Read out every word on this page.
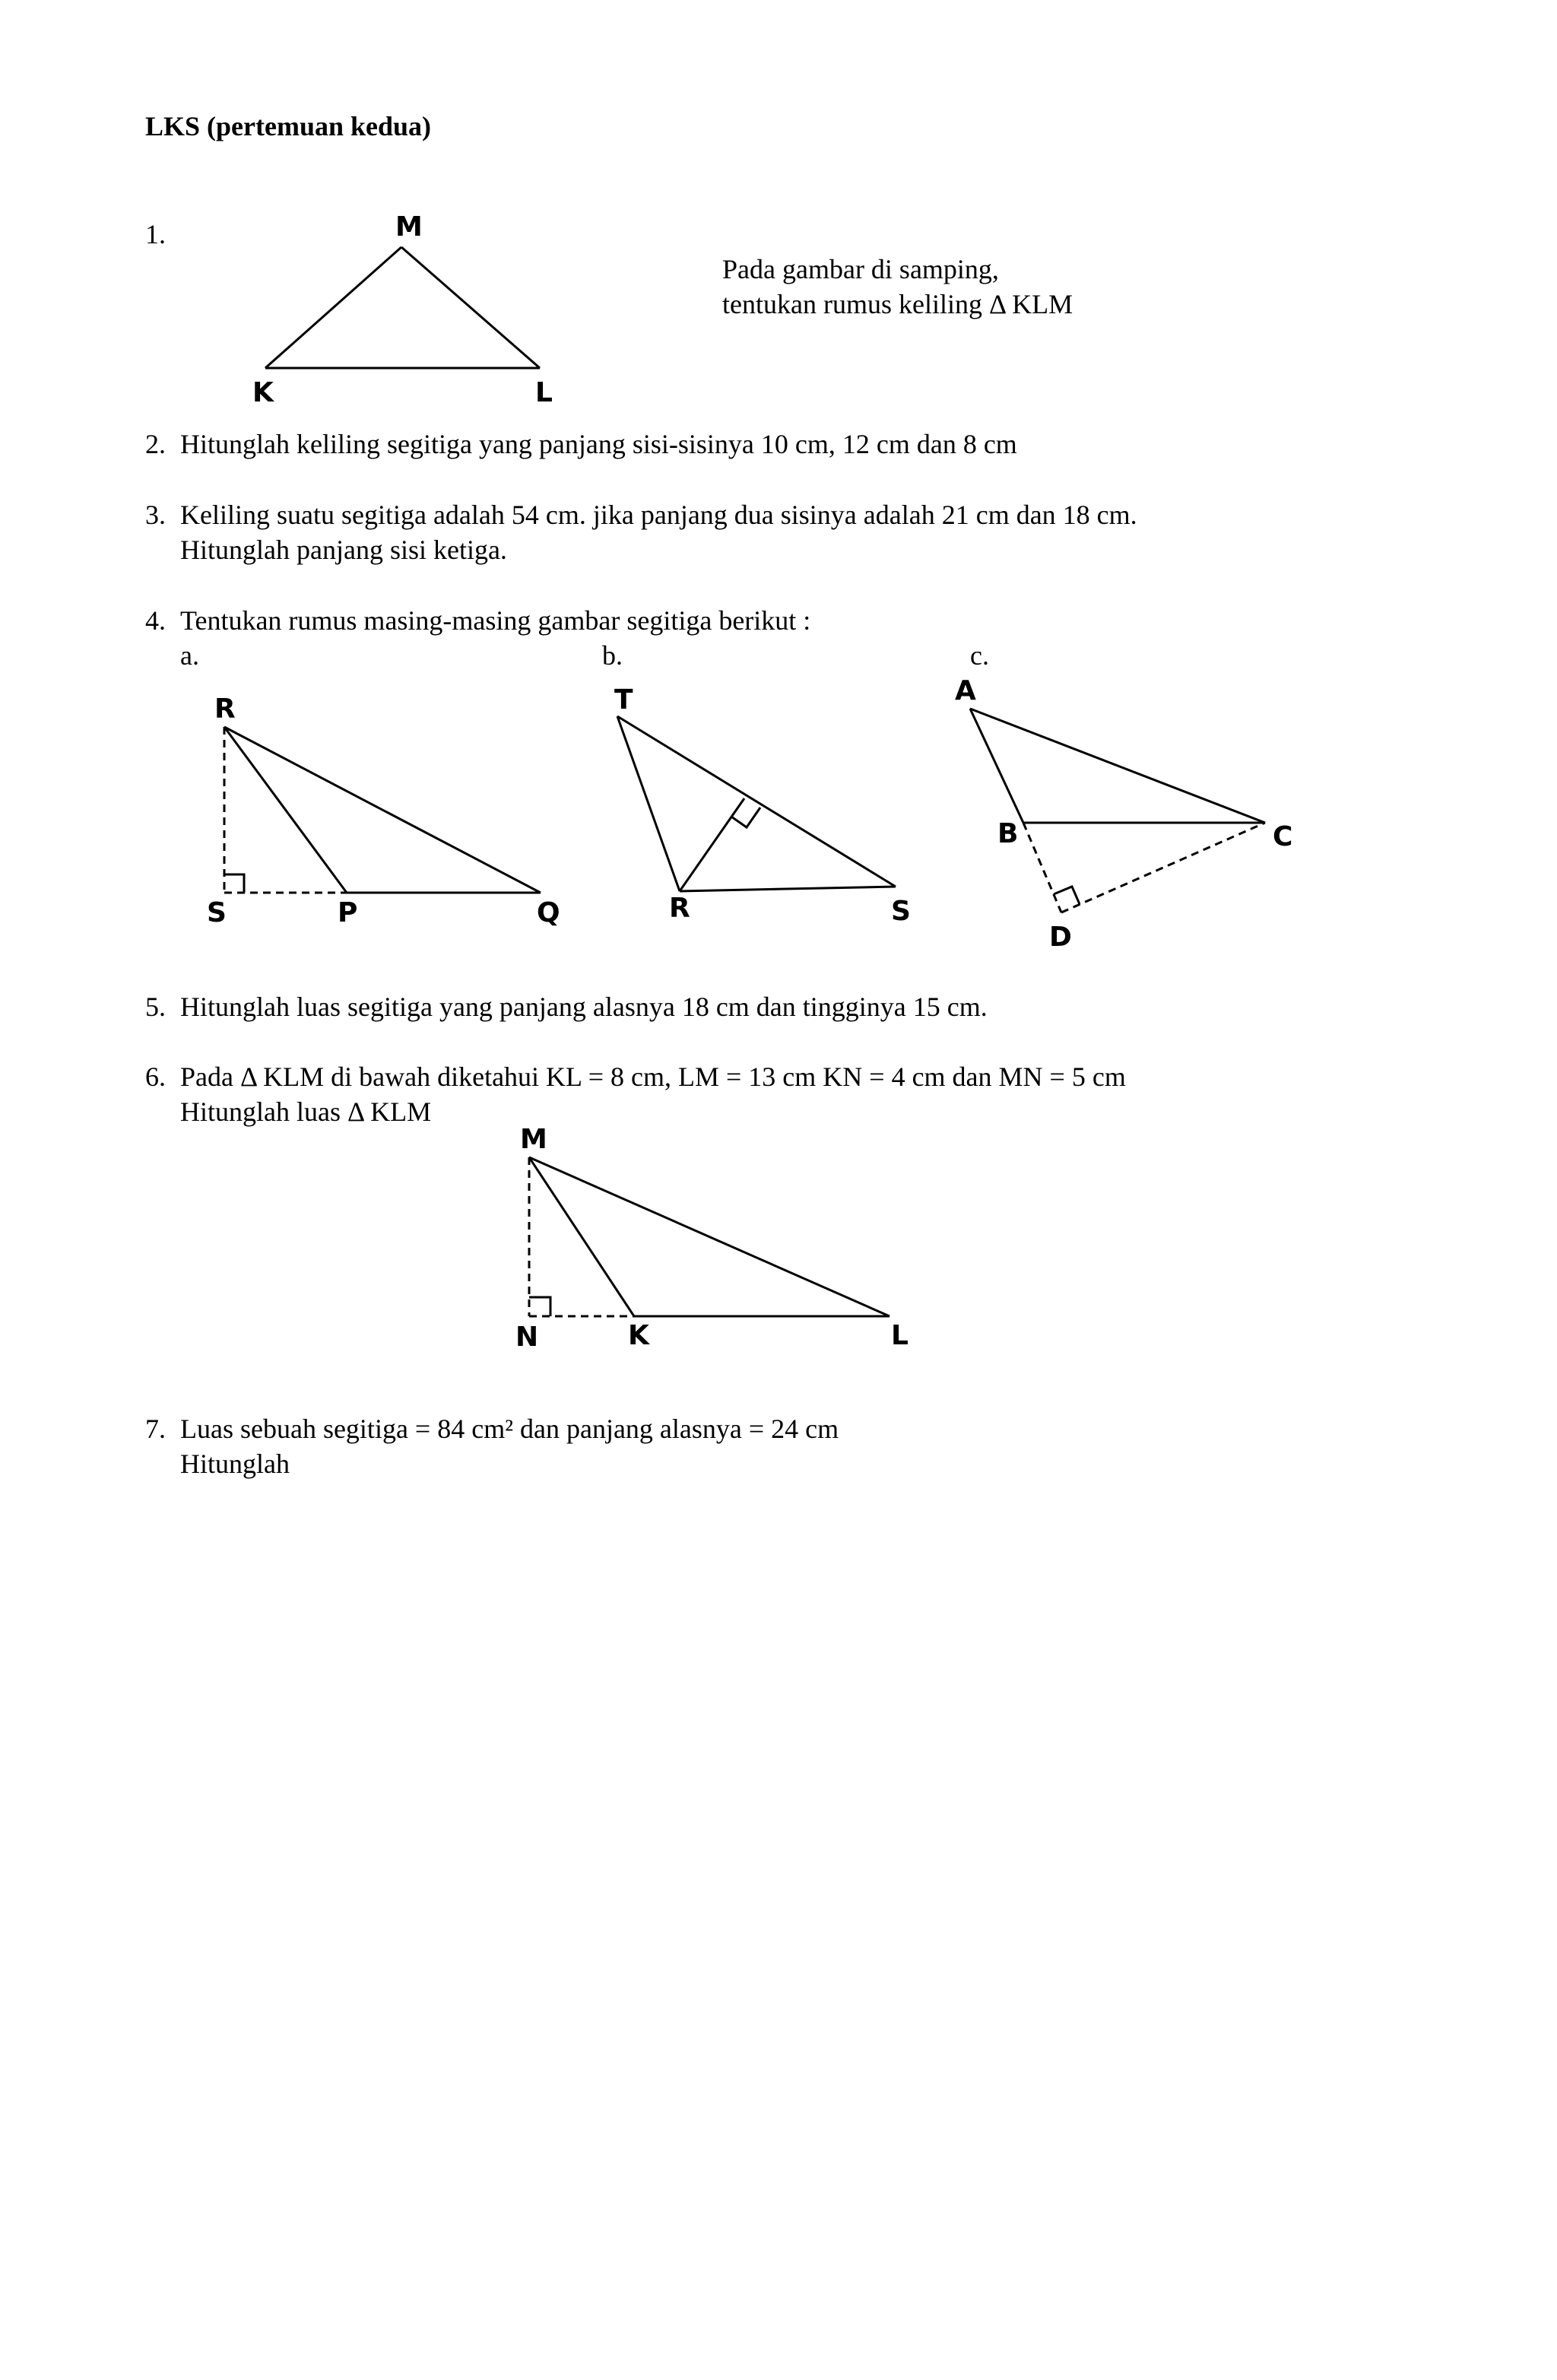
LKS (pertemuan kedua)
1.
Pada gambar di samping,
tentukan rumus keliling Δ KLM
2. Hitunglah keliling segitiga yang panjang sisi-sisinya 10 cm, 12 cm dan 8 cm
3. Keliling suatu segitiga adalah 54 cm. jika panjang dua sisinya adalah 21 cm dan 18 cm.
Hitunglah panjang sisi ketiga.
4. Tentukan rumus masing-masing gambar segitiga berikut :
a.	b.	c.
5. Hitunglah luas segitiga yang panjang alasnya 18 cm dan tingginya 15 cm.
6. Pada Δ KLM di bawah diketahui KL = 8 cm, LM = 13 cm KN = 4 cm dan MN = 5 cm
Hitunglah luas Δ KLM
7. Luas sebuah segitiga = 84 cm² dan panjang alasnya = 24 cm
Hitunglah
M
K	L
R
S	P	Q
T
R	S
A
B	C
D
M
N	K	L
